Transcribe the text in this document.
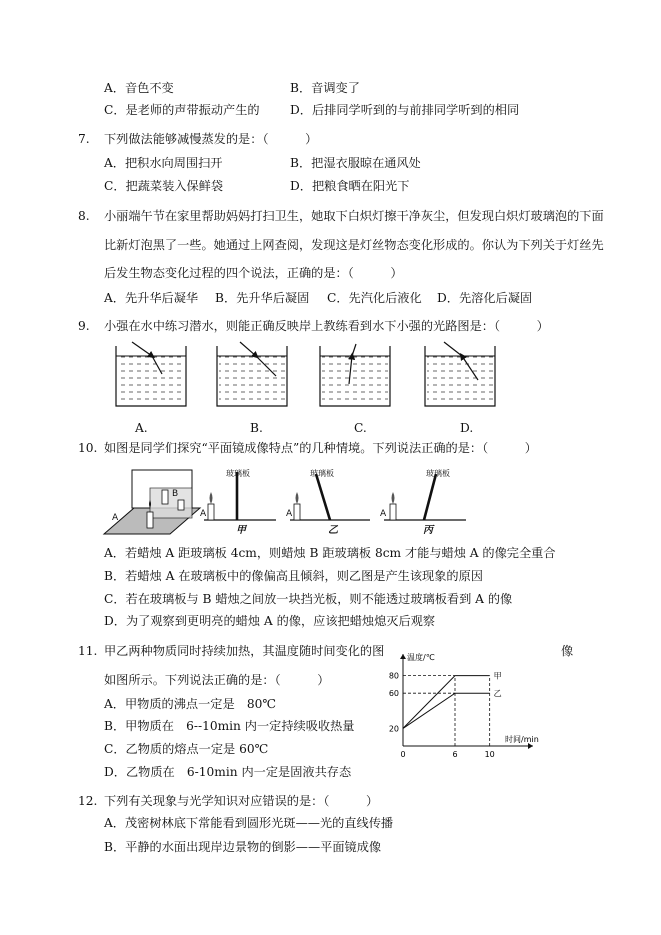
A．音色不变	B．音调变了
C．是老师的声带振动产生的 D．后排同学听到的与前排同学听到的相同
7. 下列做法能够减慢蒸发的是：（　　　）
A．把积水向周围扫开	B．把湿衣服晾在通风处
C．把蔬菜装入保鲜袋	D．把粮食晒在阳光下
8. 小丽端午节在家里帮助妈妈打扫卫生，她取下白炽灯擦干净灰尘，但发现白炽灯玻璃泡的下面
比新灯泡黑了一些。她通过上网查阅，发现这是灯丝物态变化形成的。你认为下列关于灯丝先
后发生物态变化过程的四个说法，正确的是：（　　　）
A．先升华后凝华 B．先升华后凝固 C．先汽化后液化 D．先溶化后凝固
9. 小强在水中练习潜水，则能正确反映岸上教练看到水下小强的光路图是：（　　　）
A.	B.	C.	D.
10. 如图是同学们探究“平面镜成像特点”的几种情境。下列说法正确的是：（　　　）
B
A
玻璃板	玻璃板	玻璃板
A	A	A
甲	乙	丙
A．若蜡烛 A 距玻璃板 4cm，则蜡烛 B 距玻璃板 8cm 才能与蜡烛 A 的像完全重合
B．若蜡烛 A 在玻璃板中的像偏高且倾斜，则乙图是产生该现象的原因
C．若在玻璃板与 B 蜡烛之间放一块挡光板，则不能透过玻璃板看到 A 的像
D．为了观察到更明亮的蜡烛 A 的像，应该把蜡烛熄灭后观察
11. 甲乙两种物质同时持续加热，其温度随时间变化的图	像
如图所示。下列说法正确的是：（　　　）
A．甲物质的沸点一定是　80℃
B．甲物质在　6--10min 内一定持续吸收热量
C．乙物质的熔点一定是 60℃
D．乙物质在　6-10min 内一定是固液共存态
温度/℃
时间/min
20
60
80
0	6	10
甲
乙
12. 下列有关现象与光学知识对应错误的是：（　　　）
A．茂密树林底下常能看到圆形光斑——光的直线传播
B．平静的水面出现岸边景物的倒影——平面镜成像
